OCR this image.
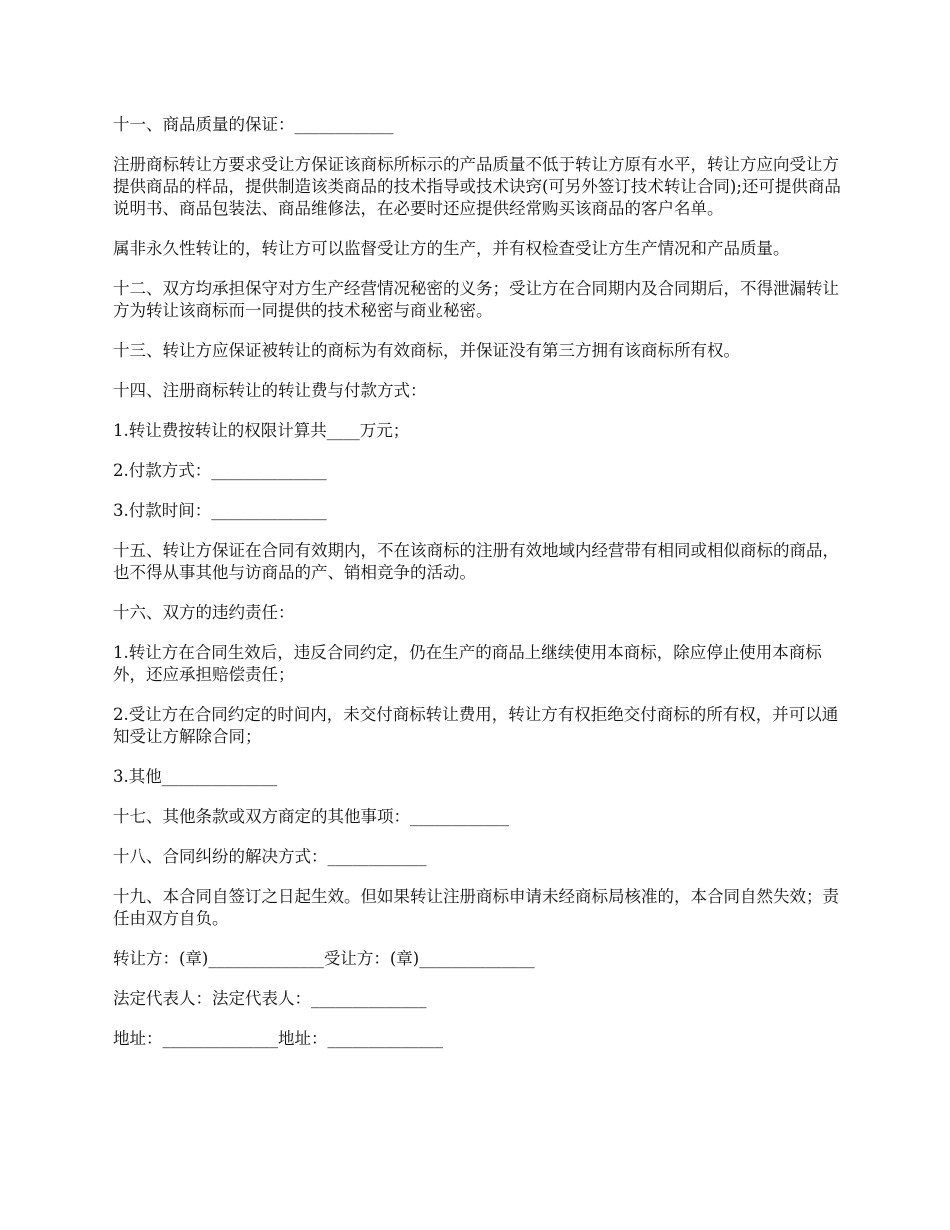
十一、商品质量的保证：____________

注册商标转让方要求受让方保证该商标所标示的产品质量不低于转让方原有水平，转让方应向受让方提供商品的样品，提供制造该类商品的技术指导或技术诀窍(可另外签订技术转让合同);还可提供商品说明书、商品包装法、商品维修法，在必要时还应提供经常购买该商品的客户名单。

属非永久性转让的，转让方可以监督受让方的生产，并有权检查受让方生产情况和产品质量。

十二、双方均承担保守对方生产经营情况秘密的义务；受让方在合同期内及合同期后，不得泄漏转让方为转让该商标而一同提供的技术秘密与商业秘密。

十三、转让方应保证被转让的商标为有效商标，并保证没有第三方拥有该商标所有权。

十四、注册商标转让的转让费与付款方式：

1.转让费按转让的权限计算共____万元；

2.付款方式：______________

3.付款时间：______________

十五、转让方保证在合同有效期内，不在该商标的注册有效地域内经营带有相同或相似商标的商品，也不得从事其他与访商品的产、销相竞争的活动。

十六、双方的违约责任：

1.转让方在合同生效后，违反合同约定，仍在生产的商品上继续使用本商标，除应停止使用本商标外，还应承担赔偿责任；

2.受让方在合同约定的时间内，未交付商标转让费用，转让方有权拒绝交付商标的所有权，并可以通知受让方解除合同；

3.其他______________

十七、其他条款或双方商定的其他事项：____________

十八、合同纠纷的解决方式：____________

十九、本合同自签订之日起生效。但如果转让注册商标申请未经商标局核准的，本合同自然失效；责任由双方自负。

转让方：(章)______________受让方：(章)______________

法定代表人：法定代表人：______________

地址：______________地址：______________
